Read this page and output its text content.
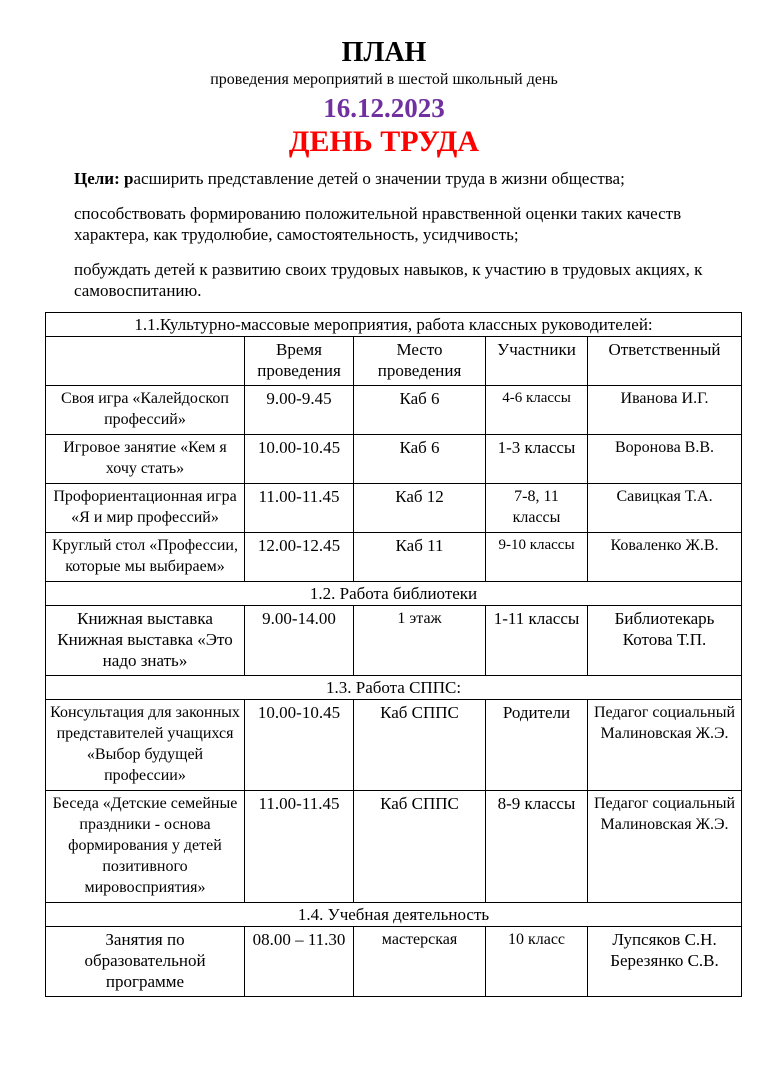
ПЛАН
проведения мероприятий в шестой школьный день
16.12.2023
ДЕНЬ ТРУДА
Цели: расширить представление детей о значении труда в жизни общества;
способствовать формированию положительной нравственной оценки таких качеств характера, как трудолюбие, самостоятельность, усидчивость;
побуждать детей к развитию своих трудовых навыков, к участию в трудовых акциях, к самовоспитанию.
1.1.Культурно-массовые мероприятия, работа классных руководителей:				
	Время проведения	Место проведения	Участники	Ответственный
Своя игра «Калейдоскоп профессий»	9.00-9.45	Каб 6	4-6 классы	Иванова И.Г.
Игровое занятие «Кем я хочу стать»	10.00-10.45	Каб 6	1-3 классы	Воронова В.В.
Профориентационная игра «Я и мир профессий»	11.00-11.45	Каб 12	7-8, 11 классы	Савицкая Т.А.
Круглый стол «Профессии, которые мы выбираем»	12.00-12.45	Каб 11	9-10 классы	Коваленко Ж.В.
1.2. Работа библиотеки				
Книжная выставка Книжная выставка «Это надо знать»	9.00-14.00	1 этаж	1-11 классы	Библиотекарь Котова Т.П.
1.3. Работа СППС:				
Консультация для законных представителей учащихся «Выбор будущей профессии»	10.00-10.45	Каб СППС	Родители	Педагог социальный Малиновская Ж.Э.
Беседа «Детские семейные праздники - основа формирования у детей позитивного мировосприятия»	11.00-11.45	Каб СППС	8-9 классы	Педагог социальный Малиновская Ж.Э.
1.4. Учебная деятельность				
Занятия по образовательной программе	08.00 – 11.30	мастерская	10 класс	Лупсяков С.Н. Березянко С.В.
